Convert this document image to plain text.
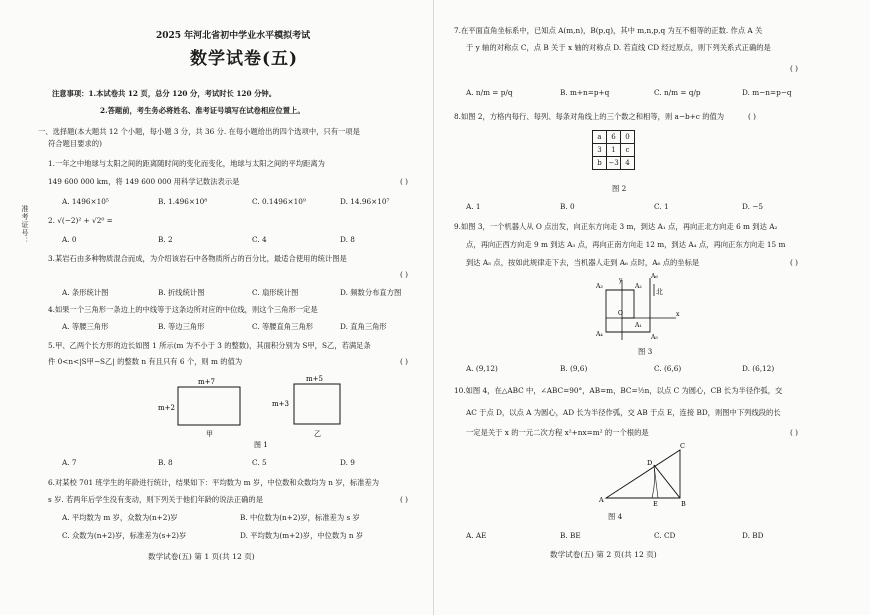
准考证号：
2025 年河北省初中学业水平模拟考试
数学试卷(五)
注意事项：1.本试卷共 12 页，总分 120 分，考试时长 120 分钟。
2.答题前，考生务必将姓名、准考证号填写在试卷相应位置上。
一、选择题(本大题共 12 个小题，每小题 3 分，共 36 分. 在每小题给出的四个选项中，只有一项是
符合题目要求的)
1.一年之中地球与太阳之间的距离随时间的变化而变化，地球与太阳之间的平均距离为
149 600 000 km，将 149 600 000 用科学记数法表示是	( )
A. 1496×10⁵	B. 1.496×10⁸	C. 0.1496×10⁹	D. 14.96×10⁷
2. √(−2)² + √2⁰ =
A. 0	B. 2	C. 4	D. 8
3.某岩石由多种物质混合而成，为介绍该岩石中各物质所占的百分比，最适合使用的统计图是
( )
A. 条形统计图	B. 折线统计图	C. 扇形统计图	D. 频数分布直方图
4.如果一个三角形一条边上的中线等于这条边所对应的中位线，则这个三角形一定是
A. 等腰三角形	B. 等边三角形	C. 等腰直角三角形	D. 直角三角形
5.甲、乙两个长方形的边长如图 1 所示(m 为不小于 3 的整数)，其面积分别为 S甲，S乙，若满足条
件 0<n<|S甲−S乙| 的整数 n 有且只有 6 个，则 m 的值为	( )
m+7
m+2
甲
m+5
m+3
乙
图 1
A. 7	B. 8	C. 5	D. 9
6.对某校 701 班学生的年龄进行统计，结果如下：平均数为 m 岁，中位数和众数均为 n 岁，标准差为
s 岁. 若两年后学生没有变动，则下列关于他们年龄的说法正确的是	( )
A. 平均数为 m 岁，众数为(n+2)岁	B. 中位数为(n+2)岁，标准差为 s 岁
C. 众数为(n+2)岁，标准差为(s+2)岁	D. 平均数为(m+2)岁，中位数为 n 岁
数学试卷(五) 第 1 页(共 12 页)
7.在平面直角坐标系中，已知点 A(m,n)，B(p,q)，其中 m,n,p,q 为互不相等的正数. 作点 A 关
于 y 轴的对称点 C，点 B 关于 x 轴的对称点 D. 若直线 CD 经过原点，则下列关系式正确的是
( )
A. n/m = p/q	B. m+n=p+q	C. n/m = q/p	D. m−n=p−q
8.如图 2，方格内每行、每列、每条对角线上的三个数之和相等，则 a−b+c 的值为	( )
a	6	0
3	1	c
b	−3	4
图 2
A. 1	B. 0	C. 1	D. −5
9.如图 3，一个机器人从 O 点出发，向正东方向走 3 m，到达 A₁ 点，再向正北方向走 6 m 到达 A₂
点，再向正西方向走 9 m 到达 A₃ 点，再向正南方向走 12 m，到达 A₄ 点，再向正东方向走 15 m
到达 A₅ 点，按如此规律走下去，当机器人走到 A₆ 点时，A₆ 点的坐标是	( )
北
y
x
O
A₁
A₂
A₃
A₄	A₅
A₆
图 3
A. (9,12)	B. (9,6)	C. (6,6)	D. (6,12)
10.如图 4，在△ABC 中，∠ABC=90°，AB=m，BC=½n，以点 C 为圆心，CB 长为半径作弧，交
AC 于点 D，以点 A 为圆心，AD 长为半径作弧，交 AB 于点 E，连接 BD，则图中下列线段的长
一定是关于 x 的一元二次方程 x²+nx=m² 的一个根的是	( )
A	B
C
D
E
图 4
A. AE	B. BE	C. CD	D. BD
数学试卷(五) 第 2 页(共 12 页)
